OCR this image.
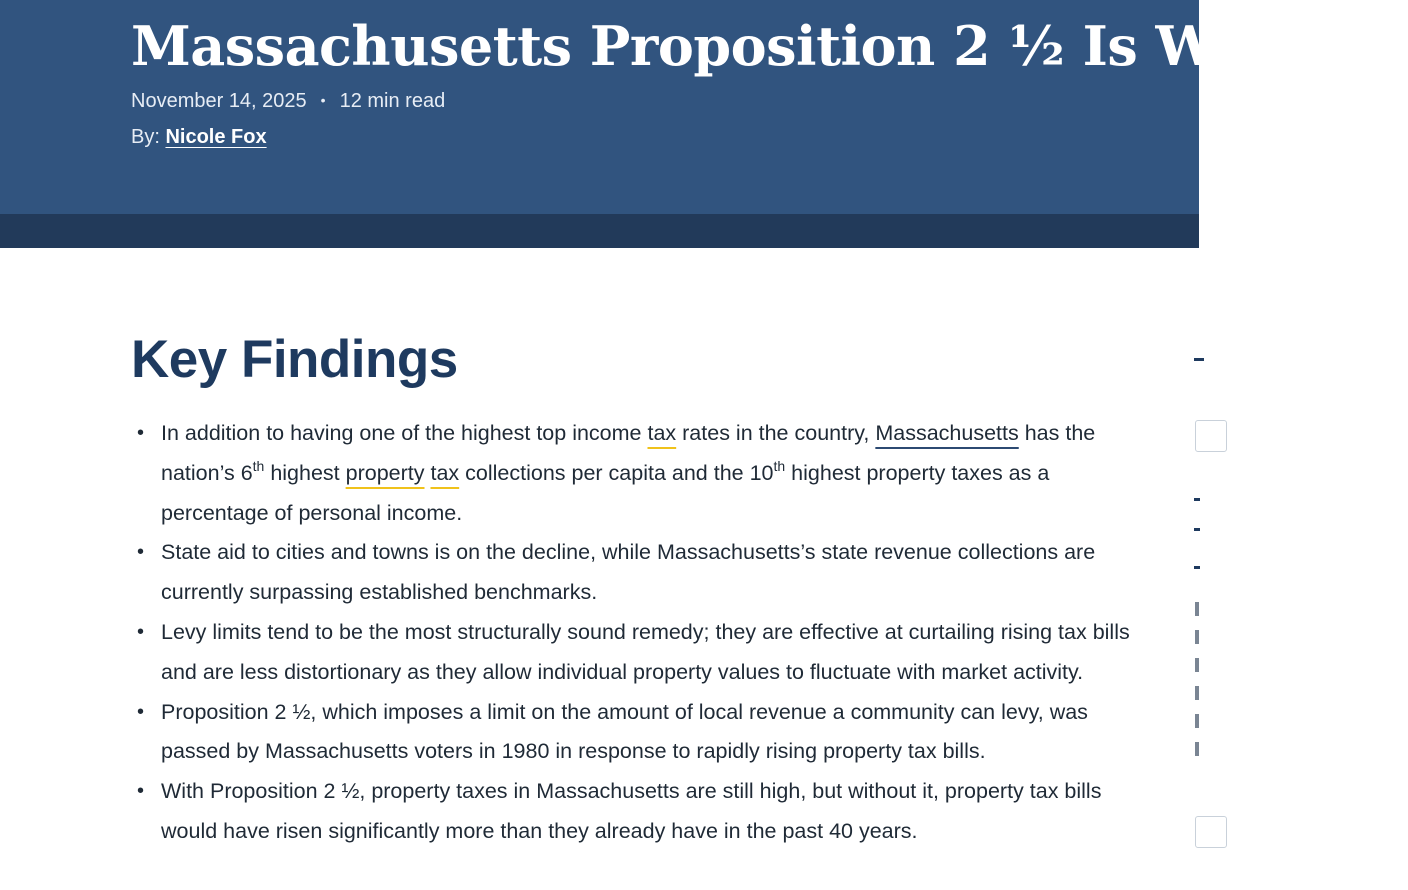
Massachusetts Proposition 2 ½ Is Working
November 14, 2025 • 12 min read
By: Nicole Fox
Key Findings
• In addition to having one of the highest top income tax rates in the country, Massachusetts has the nation’s 6th highest property tax collections per capita and the 10th highest property taxes as a percentage of personal income.
• State aid to cities and towns is on the decline, while Massachusetts’s state revenue collections are currently surpassing established benchmarks.
• Levy limits tend to be the most structurally sound remedy; they are effective at curtailing rising tax bills and are less distortionary as they allow individual property values to fluctuate with market activity.
• Proposition 2 ½, which imposes a limit on the amount of local revenue a community can levy, was passed by Massachusetts voters in 1980 in response to rapidly rising property tax bills.
• With Proposition 2 ½, property taxes in Massachusetts are still high, but without it, property tax bills would have risen significantly more than they already have in the past 40 years.
